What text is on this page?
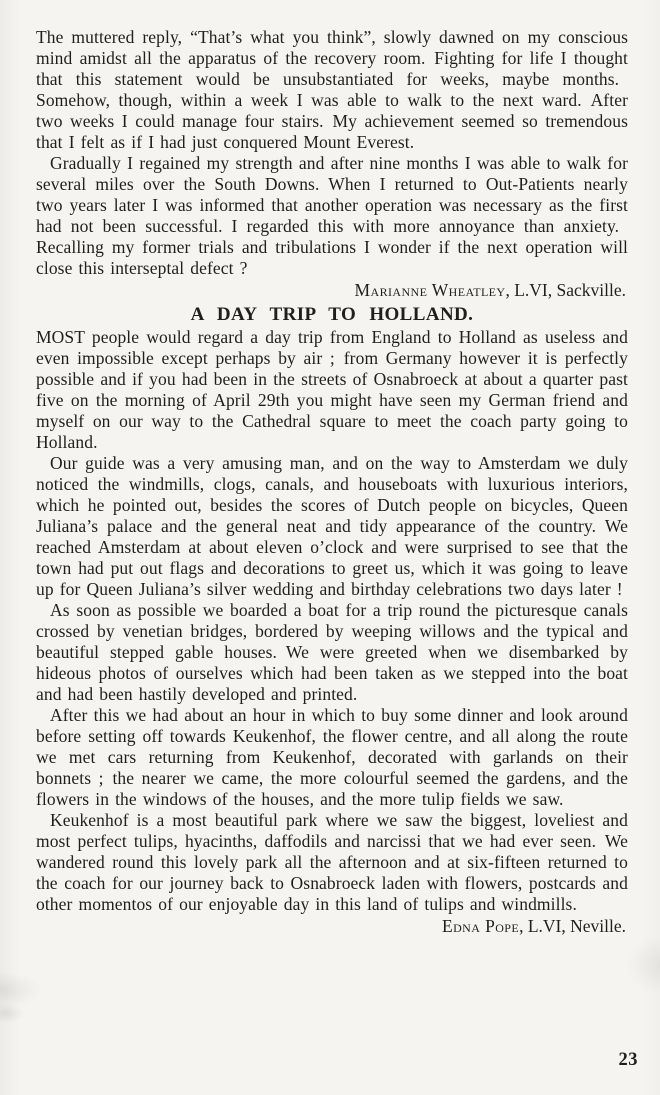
The muttered reply, “That’s what you think”, slowly dawned on my conscious mind amidst all the apparatus of the recovery room. Fighting for life I thought that this statement would be unsubstantiated for weeks, maybe months. Somehow, though, within a week I was able to walk to the next ward. After two weeks I could manage four stairs. My achievement seemed so tremendous that I felt as if I had just conquered Mount Everest.

Gradually I regained my strength and after nine months I was able to walk for several miles over the South Downs. When I returned to Out-Patients nearly two years later I was informed that another operation was necessary as the first had not been successful. I regarded this with more annoyance than anxiety. Recalling my former trials and tribulations I wonder if the next operation will close this interseptal defect ?

Marianne Wheatley, L.VI, Sackville.
A DAY TRIP TO HOLLAND.

MOST people would regard a day trip from England to Holland as useless and even impossible except perhaps by air ; from Germany however it is perfectly possible and if you had been in the streets of Osnabroeck at about a quarter past five on the morning of April 29th you might have seen my German friend and myself on our way to the Cathedral square to meet the coach party going to Holland.

Our guide was a very amusing man, and on the way to Amsterdam we duly noticed the windmills, clogs, canals, and houseboats with luxurious interiors, which he pointed out, besides the scores of Dutch people on bicycles, Queen Juliana’s palace and the general neat and tidy appearance of the country. We reached Amsterdam at about eleven o’clock and were surprised to see that the town had put out flags and decorations to greet us, which it was going to leave up for Queen Juliana’s silver wedding and birthday celebrations two days later !

As soon as possible we boarded a boat for a trip round the picturesque canals crossed by venetian bridges, bordered by weeping willows and the typical and beautiful stepped gable houses. We were greeted when we disembarked by hideous photos of ourselves which had been taken as we stepped into the boat and had been hastily developed and printed.

After this we had about an hour in which to buy some dinner and look around before setting off towards Keukenhof, the flower centre, and all along the route we met cars returning from Keukenhof, decorated with garlands on their bonnets ; the nearer we came, the more colourful seemed the gardens, and the flowers in the windows of the houses, and the more tulip fields we saw.

Keukenhof is a most beautiful park where we saw the biggest, loveliest and most perfect tulips, hyacinths, daffodils and narcissi that we had ever seen. We wandered round this lovely park all the afternoon and at six-fifteen returned to the coach for our journey back to Osnabroeck laden with flowers, postcards and other momentos of our enjoyable day in this land of tulips and windmills.

Edna Pope, L.VI, Neville.
23
